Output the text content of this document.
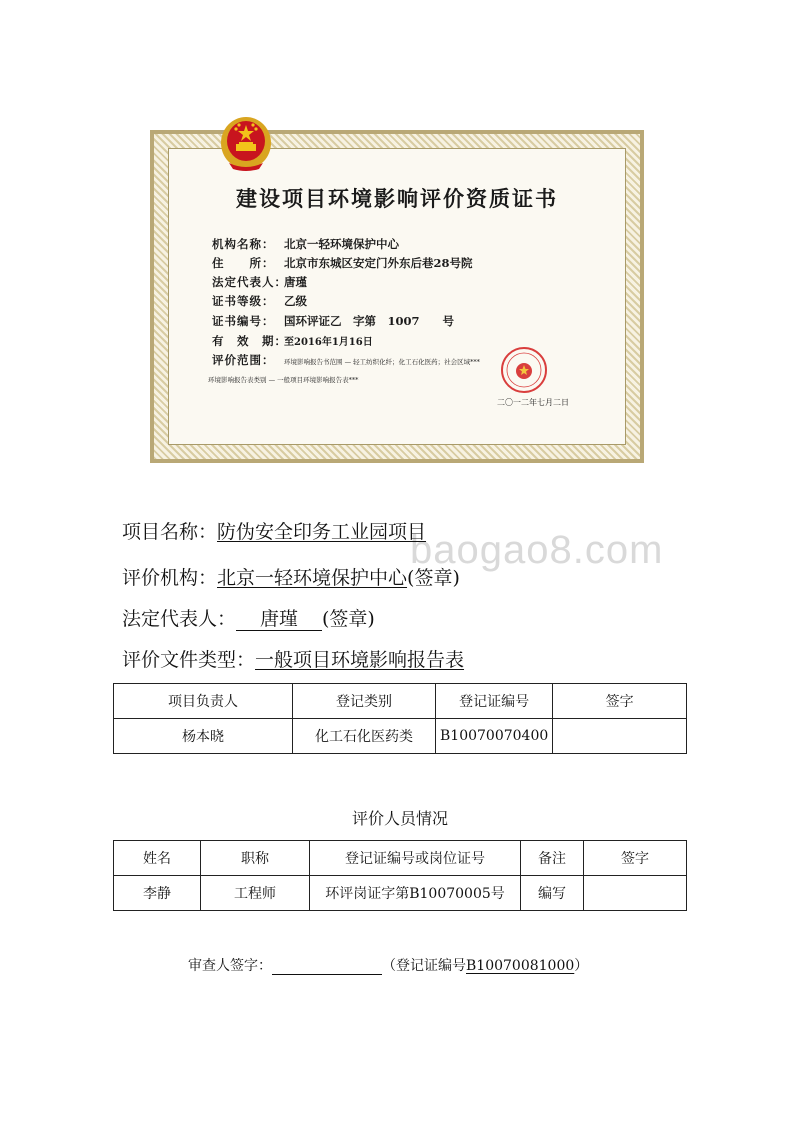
建设项目环境影响评价资质证书
机构名称： 北京一轻环境保护中心
住　　所： 北京市东城区安定门外东后巷28号院
法定代表人：唐瑾
证书等级： 乙级
证书编号： 国环评证乙　字第　1007　　号
有　效　期：至2016年1月16日
评价范围： 环境影响报告书范围 — 轻工纺织化纤；化工石化医药；社会区域***
环境影响报告表类别 — 一般项目环境影响报告表***
二〇一二年七月二日
baogao8.com
项目名称：防伪安全印务工业园项目
评价机构：北京一轻环境保护中心(签章)
法定代表人： 唐瑾 (签章)
评价文件类型：一般项目环境影响报告表
项目负责人	登记类别	登记证编号	签字
杨本晓	化工石化医药类	B10070070400	
评价人员情况
姓名	职称	登记证编号或岗位证号	备注	签字
李静	工程师	环评岗证字第B10070005号	编写	
审查人签字：	（登记证编号B10070081000）
